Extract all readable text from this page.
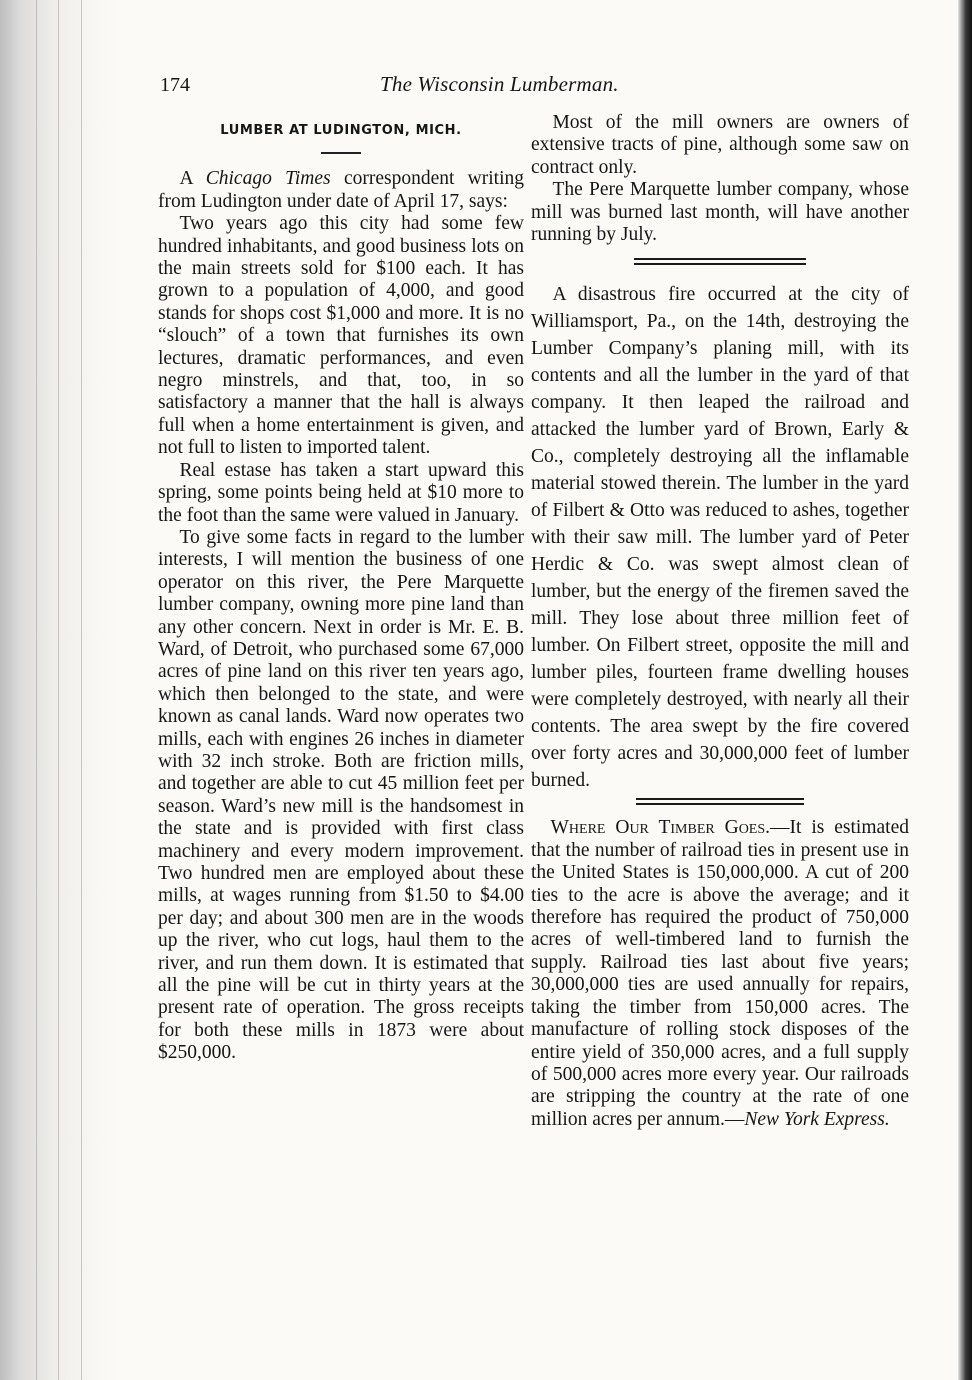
174	The Wisconsin Lumberman.
LUMBER AT LUDINGTON, MICH.

A Chicago Times correspondent writing from Ludington under date of April 17, says:

Two years ago this city had some few hundred inhabitants, and good business lots on the main streets sold for $100 each. It has grown to a population of 4,000, and good stands for shops cost $1,000 and more. It is no “slouch” of a town that furnishes its own lectures, dramatic performances, and even negro minstrels, and that, too, in so satisfactory a manner that the hall is always full when a home entertainment is given, and not full to listen to imported talent.

Real estase has taken a start upward this spring, some points being held at $10 more to the foot than the same were valued in January.

To give some facts in regard to the lumber interests, I will mention the business of one operator on this river, the Pere Marquette lumber company, owning more pine land than any other concern. Next in order is Mr. E. B. Ward, of Detroit, who purchased some 67,000 acres of pine land on this river ten years ago, which then belonged to the state, and were known as canal lands. Ward now operates two mills, each with engines 26 inches in diameter with 32 inch stroke. Both are friction mills, and together are able to cut 45 million feet per season. Ward’s new mill is the handsomest in the state and is provided with first class machinery and every modern improvement. Two hundred men are employed about these mills, at wages running from $1.50 to $4.00 per day; and about 300 men are in the woods up the river, who cut logs, haul them to the river, and run them down. It is estimated that all the pine will be cut in thirty years at the present rate of operation. The gross receipts for both these mills in 1873 were about $250,000.

Most of the mill owners are owners of extensive tracts of pine, although some saw on contract only.

The Pere Marquette lumber company, whose mill was burned last month, will have another running by July.

A disastrous fire occurred at the city of Williamsport, Pa., on the 14th, destroying the Lumber Company’s planing mill, with its contents and all the lumber in the yard of that company. It then leaped the railroad and attacked the lumber yard of Brown, Early & Co., completely destroying all the inflamable material stowed therein. The lumber in the yard of Filbert & Otto was reduced to ashes, together with their saw mill. The lumber yard of Peter Herdic & Co. was swept almost clean of lumber, but the energy of the firemen saved the mill. They lose about three million feet of lumber. On Filbert street, opposite the mill and lumber piles, fourteen frame dwelling houses were completely destroyed, with nearly all their contents. The area swept by the fire covered over forty acres and 30,000,000 feet of lumber burned.

Where Our Timber Goes.—It is estimated that the number of railroad ties in present use in the United States is 150,000,000. A cut of 200 ties to the acre is above the average; and it therefore has required the product of 750,000 acres of well-timbered land to furnish the supply. Railroad ties last about five years; 30,000,000 ties are used annually for repairs, taking the timber from 150,000 acres. The manufacture of rolling stock disposes of the entire yield of 350,000 acres, and a full supply of 500,000 acres more every year. Our railroads are stripping the country at the rate of one million acres per annum.—New York Express.
